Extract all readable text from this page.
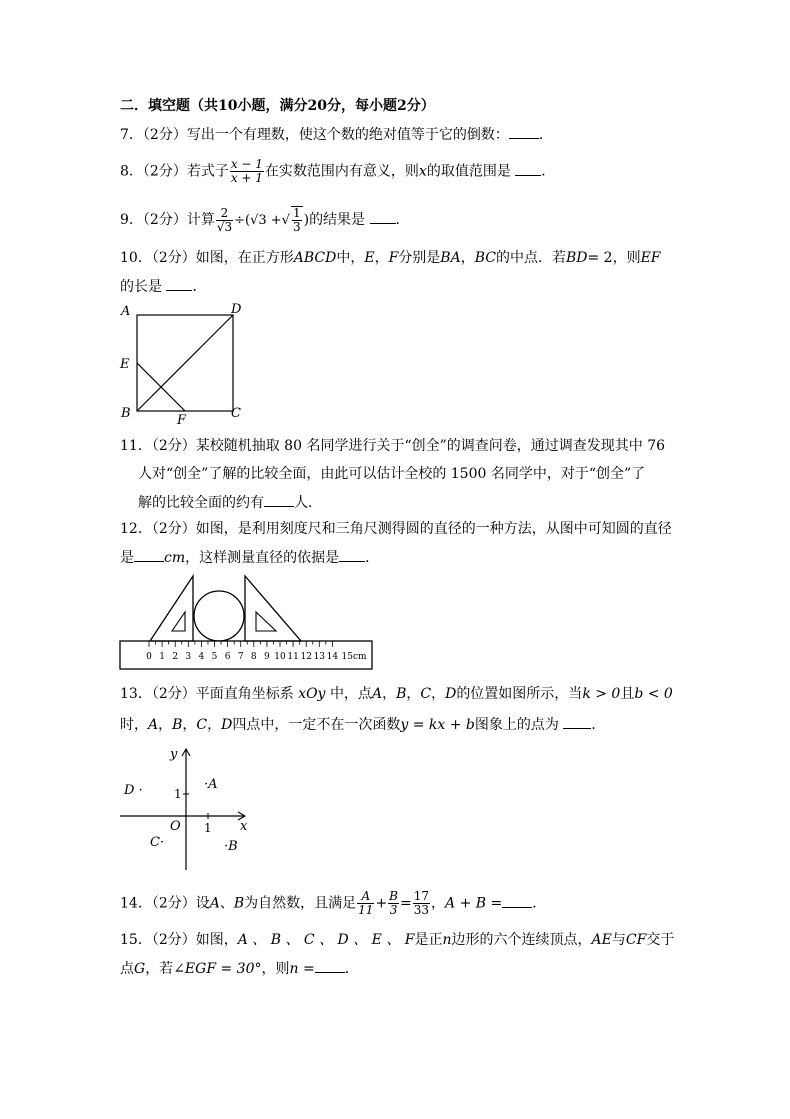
二．填空题（共10小题，满分20分，每小题2分）
7．（2分）写出一个有理数，使这个数的绝对值等于它的倒数： ．
8．（2分）若式子 $\frac{x - 1}{x + 1}$ 在实数范围内有意义，则x的取值范围是 ．
9．（2分）计算 $\frac{2}{√3} \div(√3$ +√ $\frac{1}{3}$ )的结果是 ．
10．（2分）如图，在正方形ABCD中，E，F分别是BA，BC的中点．若BD= 2，则EF
的长是 ．
A	D
E
B	C
F
11．（2分）某校随机抽取 80 名同学进行关于“创全”的调查问卷，通过调查发现其中 76
人对“创全”了解的比较全面，由此可以估计全校的 1500 名同学中，对于“创全”了
解的比较全面的约有 人．
12．（2分）如图，是利用刻度尺和三角尺测得圆的直径的一种方法，从图中可知圆的直径
是 cm，这样测量直径的依据是 ．
0 1 2 3 4 5 6 7 8 9 10 11 12 13 14 15cm
13．（2分）平面直角坐标系 xOy 中，点A，B，C，D的位置如图所示，当k > 0且b < 0
时，A，B，C，D四点中，一定不在一次函数y = kx + b图象上的点为 ．
y
x
O 1
1
·A
·B
C·
D ·
14．（2分）设A、B为自然数，且满足 $\frac{A}{11} + \frac{B}{3} = \frac{17}{33}$ ，A + B = ．
15．（2分）如图，A 、 B 、 C 、 D 、 E 、 F是正n边形的六个连续顶点，AE与CF交于
点G，若∠EGF = 30°，则n = ．
